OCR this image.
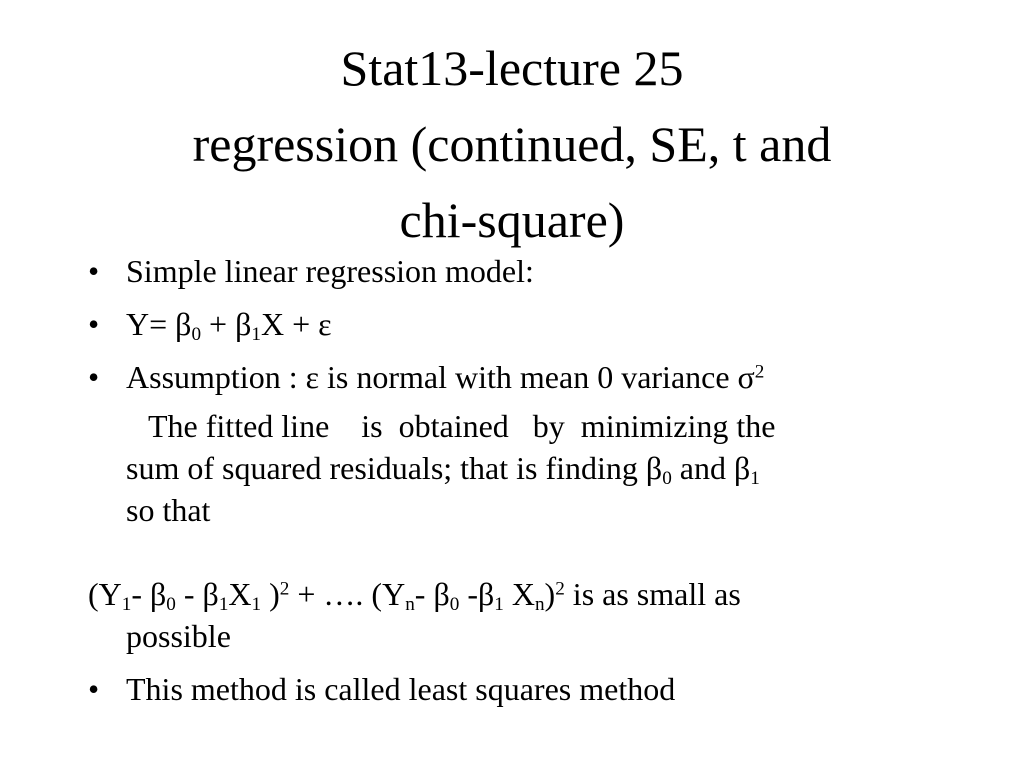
Stat13-lecture 25
regression (continued, SE, t and
chi-square)
• Simple linear regression model:
• $Y= \beta_0 + \beta_1X + \varepsilon$
• Assumption : ε is normal with mean 0 variance $\sigma^2$
The fitted line    is  obtained   by  minimizing the
sum of squared residuals; that is finding $\beta_0$ and $\beta_1$
so that
($Y_1-$ $\beta_0 - \beta_1X_1$ )$^2$ + …. ($Y_n-$ $\beta_0$ $-\beta_1$ $X_n)^2$ is as small as
possible
• This method is called least squares method
